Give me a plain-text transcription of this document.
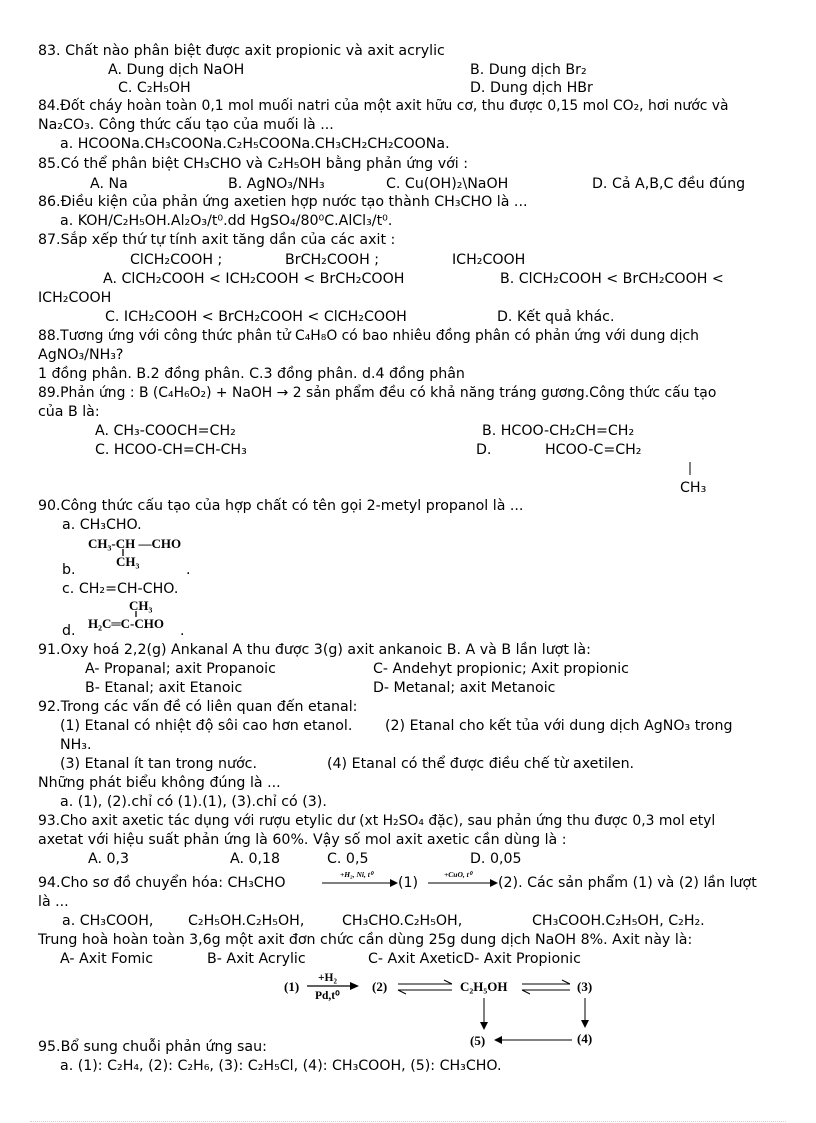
83. Chất nào phân biệt được axit propionic và axit acrylic
A. Dung dịch NaOH	B. Dung dịch Br₂
C. C₂H₅OH	D. Dung dịch HBr
84.Đốt cháy hoàn toàn 0,1 mol muối natri của một axit hữu cơ, thu được 0,15 mol CO₂, hơi nước và
Na₂CO₃. Công thức cấu tạo của muối là ...
a. HCOONa.CH₃COONa.C₂H₅COONa.CH₃CH₂CH₂COONa.
85.Có thể phân biệt CH₃CHO và C₂H₅OH bằng phản ứng với :
A. Na	B. AgNO₃/NH₃	C. Cu(OH)₂\NaOH	D. Cả A,B,C đều đúng
86.Điều kiện của phản ứng axetien hợp nước tạo thành CH₃CHO là ...
a. KOH/C₂H₅OH.Al₂O₃/t⁰.dd HgSO₄/80⁰C.AlCl₃/t⁰.
87.Sắp xếp thứ tự tính axit tăng dần của các axit :
ClCH₂COOH ;	BrCH₂COOH ;	ICH₂COOH
A. ClCH₂COOH < ICH₂COOH < BrCH₂COOH	B. ClCH₂COOH < BrCH₂COOH <
ICH₂COOH
C. ICH₂COOH < BrCH₂COOH < ClCH₂COOH	D. Kết quả khác.
88.Tương ứng với công thức phân tử C₄H₈O có bao nhiêu đồng phân có phản ứng với dung dịch
AgNO₃/NH₃?
1 đồng phân. B.2 đồng phân. C.3 đồng phân. d.4 đồng phân
89.Phản ứng : B (C₄H₆O₂) + NaOH → 2 sản phẩm đều có khả năng tráng gương.Công thức cấu tạo
của B là:
A. CH₃-COOCH=CH₂	B. HCOO-CH₂CH=CH₂
C. HCOO-CH=CH-CH₃	D.	HCOO-C=CH₂
CH₃
90.Công thức cấu tạo của hợp chất có tên gọi 2-metyl propanol là ...
a. CH₃CHO.
CH₃-CH —CHO
CH₃
b.	.
c. CH₂=CH-CHO.
CH₃
H₂C═C-CHO
d.	.
91.Oxy hoá 2,2(g) Ankanal A thu được 3(g) axit ankanoic B. A và B lần lượt là:
A- Propanal; axit Propanoic	C- Andehyt propionic; Axit propionic
B- Etanal; axit Etanoic	D- Metanal; axit Metanoic
92.Trong các vấn đề có liên quan đến etanal:
(1) Etanal có nhiệt độ sôi cao hơn etanol. (2) Etanal cho kết tủa với dung dịch AgNO₃ trong
NH₃.
(3) Etanal ít tan trong nước.	(4) Etanal có thể được điều chế từ axetilen.
Những phát biểu không đúng là ...
a. (1), (2).chỉ có (1).(1), (3).chỉ có (3).
93.Cho axit axetic tác dụng với rượu etylic dư (xt H₂SO₄ đặc), sau phản ứng thu được 0,3 mol etyl
axetat với hiệu suất phản ứng là 60%. Vậy số mol axit axetic cần dùng là :
A. 0,3	A. 0,18	C. 0,5	D. 0,05
94.Cho sơ đồ chuyển hóa: CH₃CHO
+H₂, Ni, t⁰
(1)
+CuO, t⁰
(2). Các sản phẩm (1) và (2) lần lượt
là ...
a. CH₃COOH, C₂H₅OH.C₂H₅OH,	CH₃CHO.C₂H₅OH,	CH₃COOH.C₂H₅OH, C₂H₂.
Trung hoà hoàn toàn 3,6g một axit đơn chức cần dùng 25g dung dịch NaOH 8%. Axit này là:
A- Axit Fomic	B- Axit Acrylic	C- Axit AxeticD- Axit Propionic
(1)
+H₂
Pd,t⁰
(2)	C₂H₅OH	(3)
(5)	(4)
95.Bổ sung chuỗi phản ứng sau:
a. (1): C₂H₄, (2): C₂H₆, (3): C₂H₅Cl, (4): CH₃COOH, (5): CH₃CHO.
